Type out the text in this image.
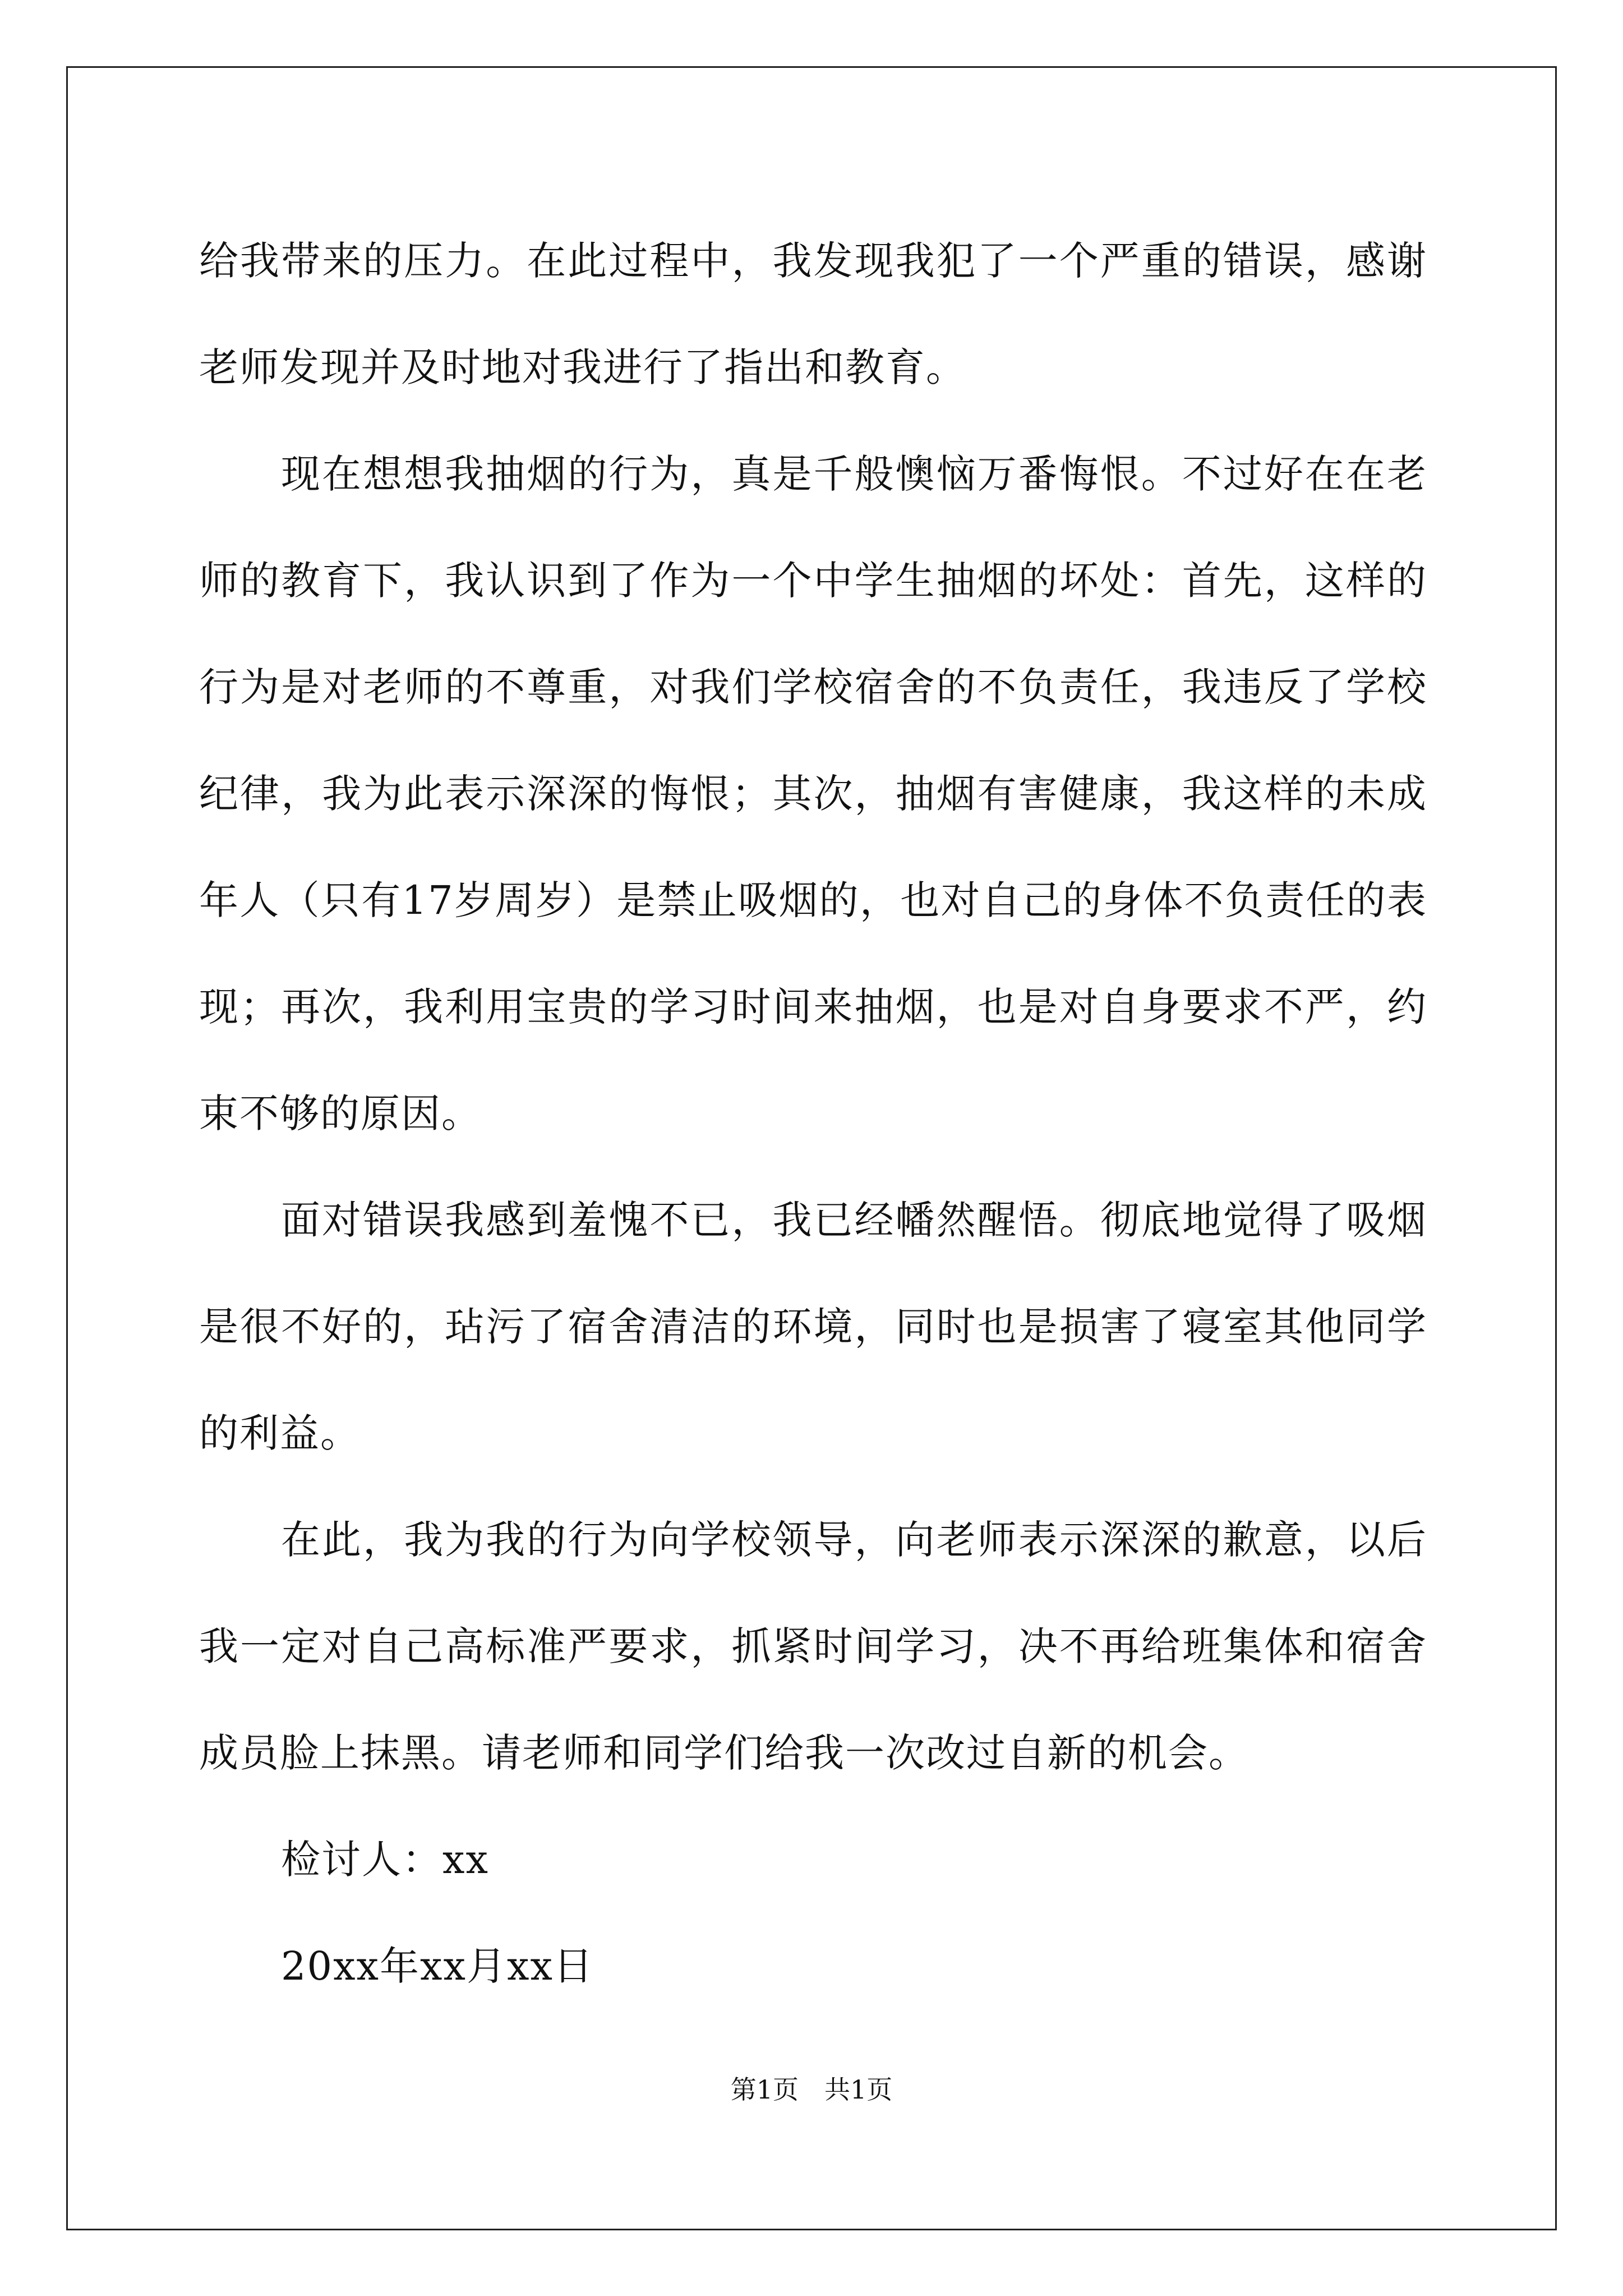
给我带来的压力。在此过程中，我发现我犯了一个严重的错误，感谢老师发现并及时地对我进行了指出和教育。

现在想想我抽烟的行为，真是千般懊恼万番悔恨。不过好在在老师的教育下，我认识到了作为一个中学生抽烟的坏处：首先，这样的行为是对老师的不尊重，对我们学校宿舍的不负责任，我违反了学校纪律，我为此表示深深的悔恨；其次，抽烟有害健康，我这样的未成年人（只有17岁周岁）是禁止吸烟的，也对自己的身体不负责任的表现；再次，我利用宝贵的学习时间来抽烟，也是对自身要求不严，约束不够的原因。

面对错误我感到羞愧不已，我已经幡然醒悟。彻底地觉得了吸烟是很不好的，玷污了宿舍清洁的环境，同时也是损害了寝室其他同学的利益。

在此，我为我的行为向学校领导，向老师表示深深的歉意，以后我一定对自己高标准严要求，抓紧时间学习，决不再给班集体和宿舍成员脸上抹黑。请老师和同学们给我一次改过自新的机会。

检讨人：xx

20xx年xx月xx日

第1页 共1页
